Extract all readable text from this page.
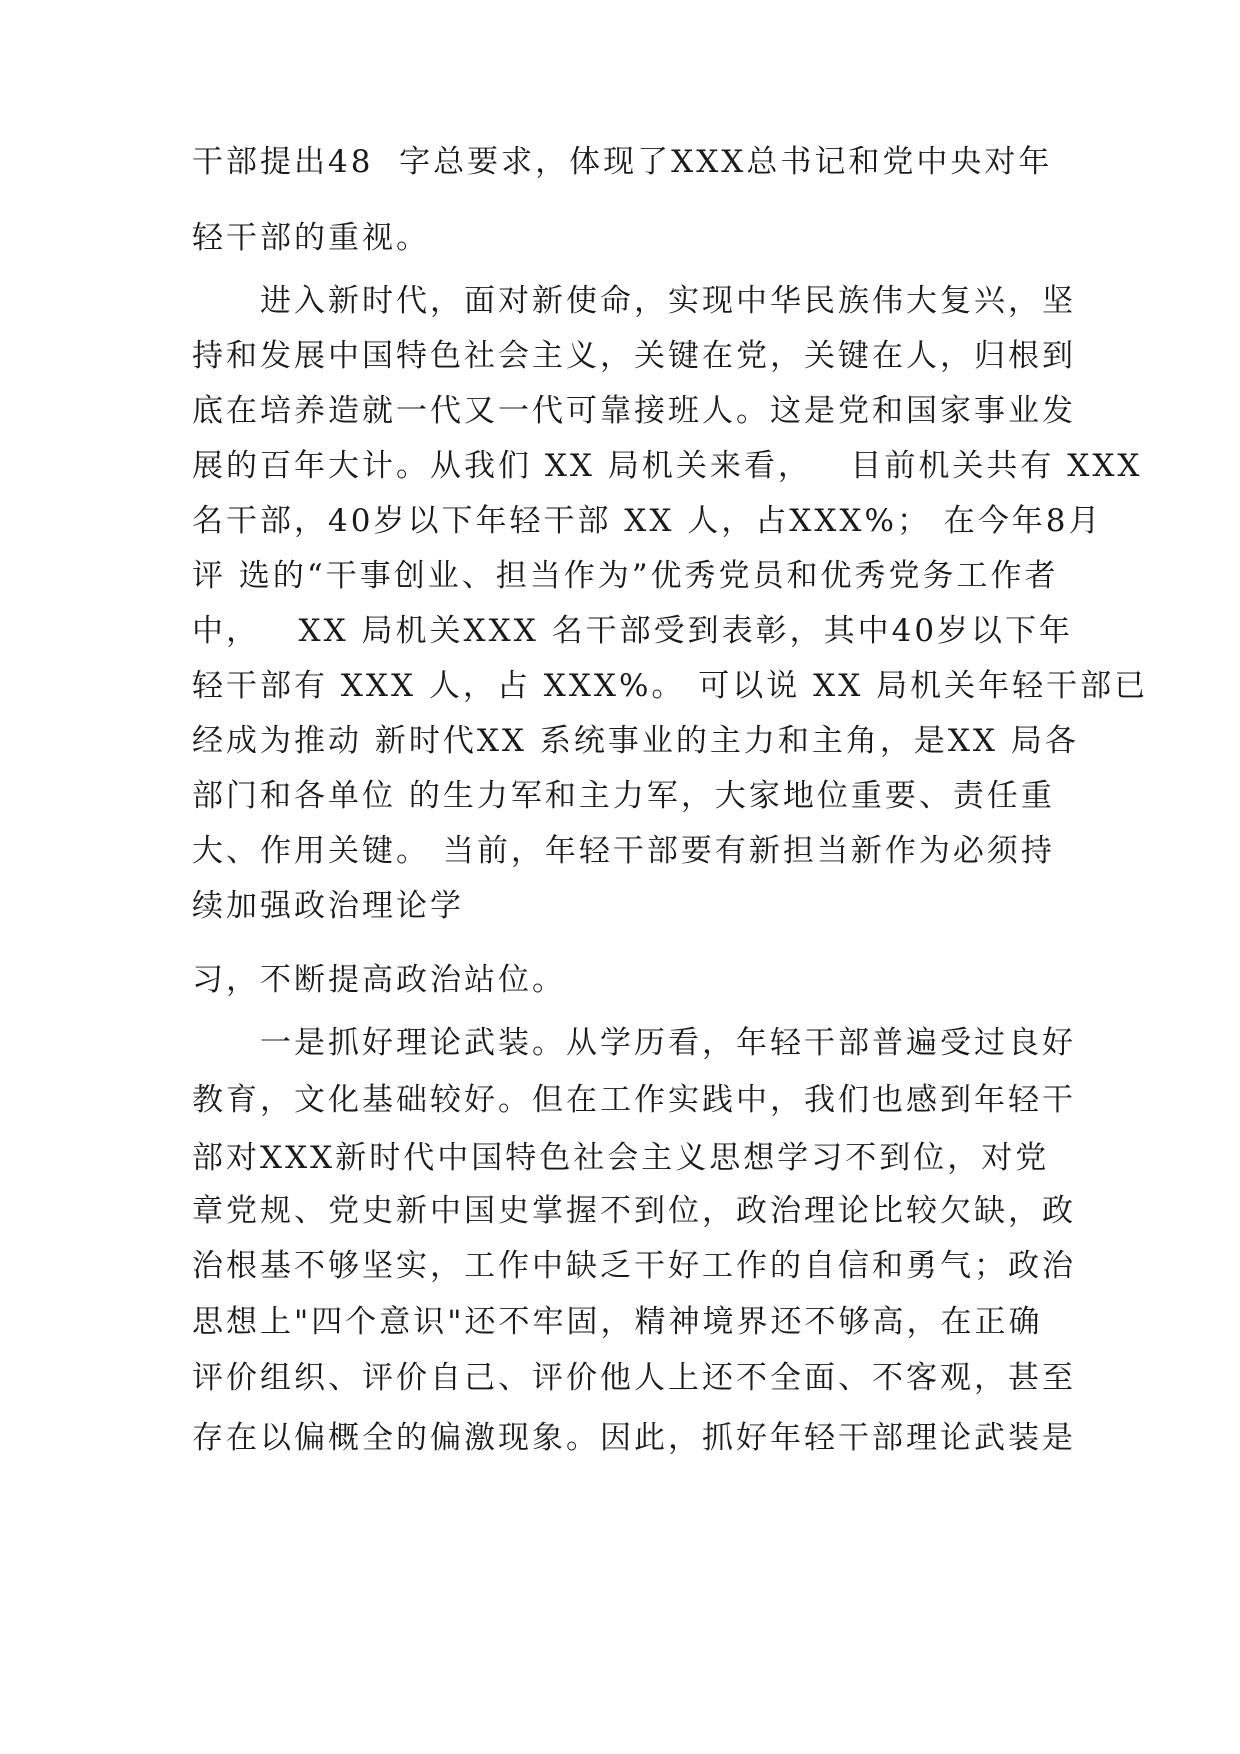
干部提出48  字总要求，体现了XXX总书记和党中央对年
轻干部的重视。
　　进入新时代，面对新使命，实现中华民族伟大复兴，坚
持和发展中国特色社会主义，关键在党，关键在人，归根到
底在培养造就一代又一代可靠接班人。这是党和国家事业发
展的百年大计。从我们 XX 局机关来看，   目前机关共有 XXX
名干部，40岁以下年轻干部 XX 人，占XXX%； 在今年8月
评 选的“干事创业、担当作为”优秀党员和优秀党务工作者
中，   XX 局机关XXX 名干部受到表彰，其中40岁以下年
轻干部有 XXX 人，占 XXX%。 可以说 XX 局机关年轻干部已
经成为推动 新时代XX 系统事业的主力和主角，是XX 局各
部门和各单位 的生力军和主力军，大家地位重要、责任重
大、作用关键。 当前，年轻干部要有新担当新作为必须持
续加强政治理论学
习，不断提高政治站位。
　　一是抓好理论武装。从学历看，年轻干部普遍受过良好
教育，文化基础较好。但在工作实践中，我们也感到年轻干
部对XXX新时代中国特色社会主义思想学习不到位，对党
章党规、党史新中国史掌握不到位，政治理论比较欠缺，政
治根基不够坚实，工作中缺乏干好工作的自信和勇气；政治
思想上"四个意识"还不牢固，精神境界还不够高，在正确
评价组织、评价自己、评价他人上还不全面、不客观，甚至
存在以偏概全的偏激现象。因此，抓好年轻干部理论武装是
